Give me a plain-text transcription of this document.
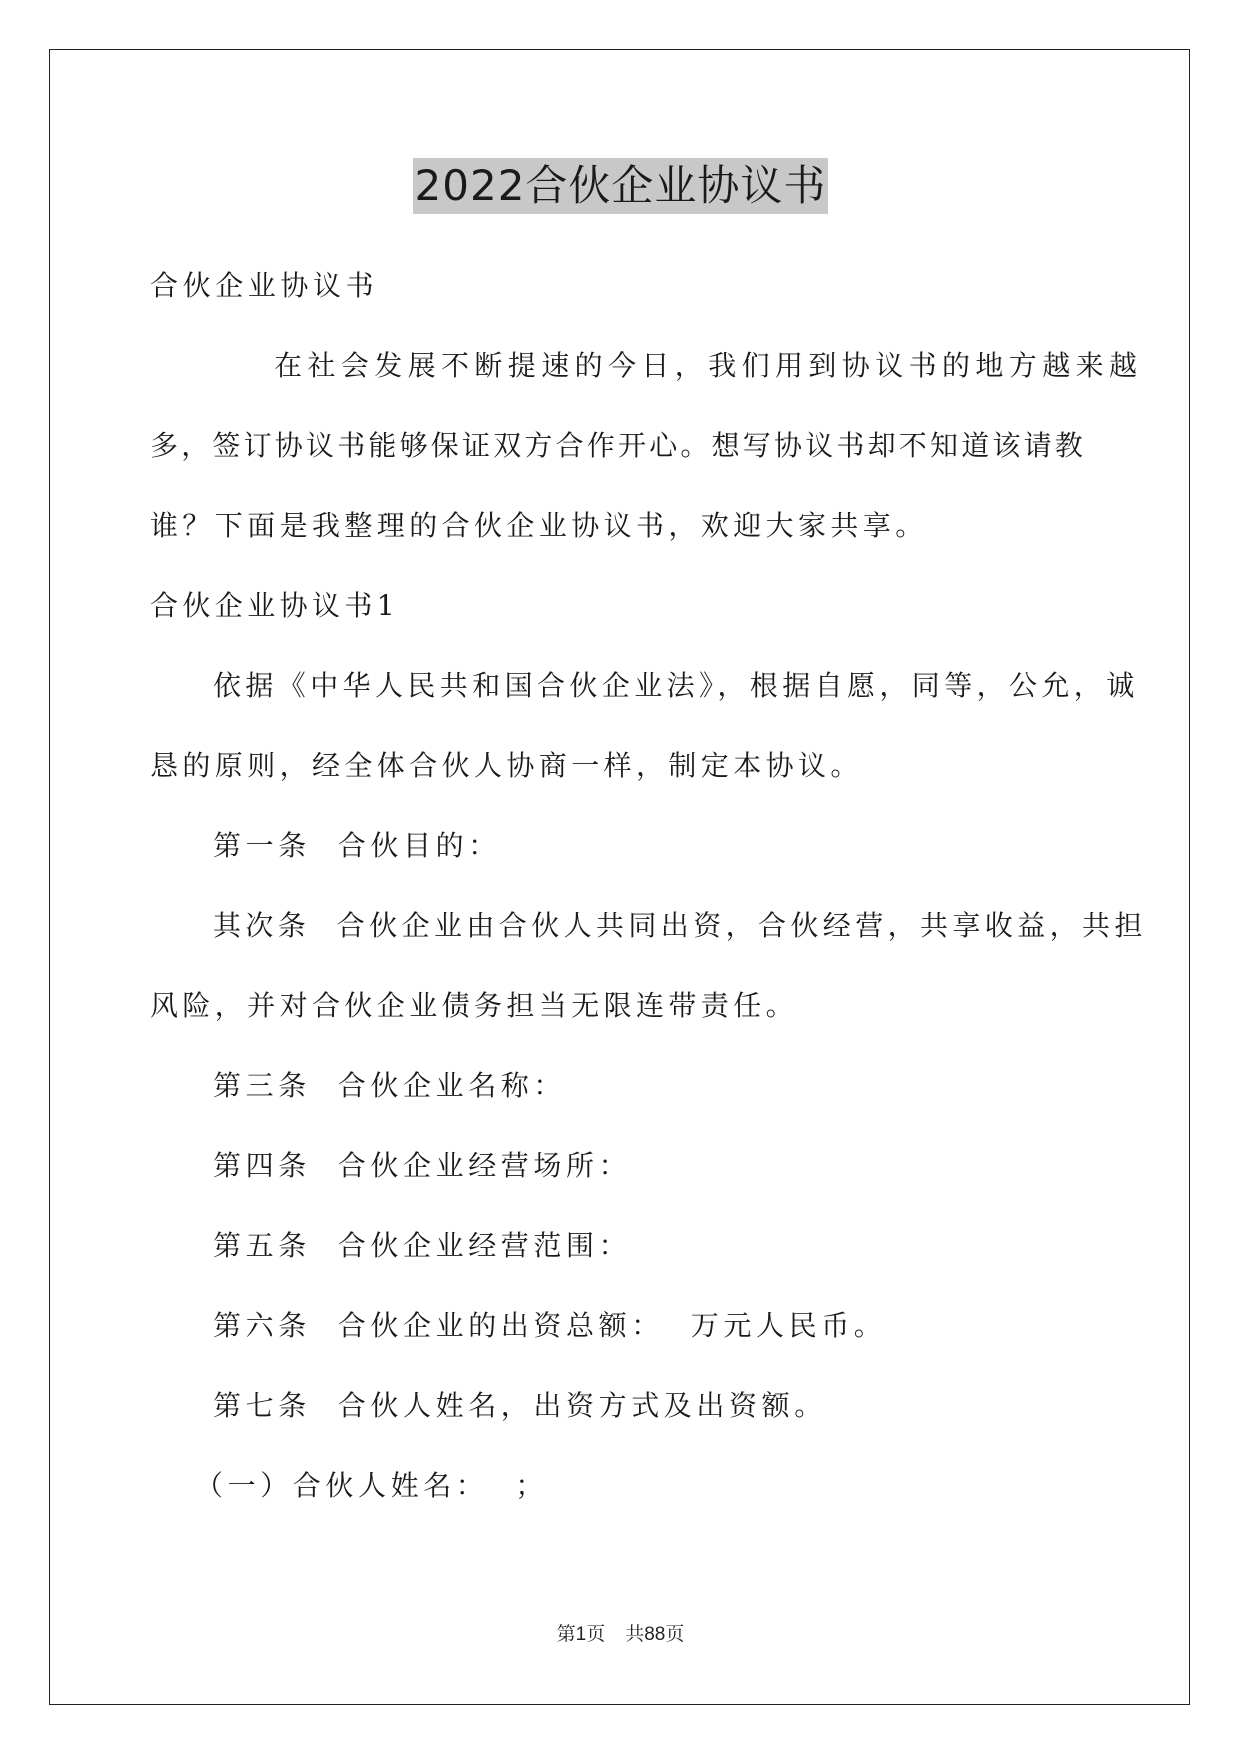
2022合伙企业协议书

合伙企业协议书

在社会发展不断提速的今日，我们用到协议书的地方越来越

多，签订协议书能够保证双方合作开心。想写协议书却不知道该请教

谁？下面是我整理的合伙企业协议书，欢迎大家共享。

合伙企业协议书1

依据《中华人民共和国合伙企业法》，根据自愿，同等，公允，诚

恳的原则，经全体合伙人协商一样，制定本协议。

第一条  合伙目的：

其次条  合伙企业由合伙人共同出资，合伙经营，共享收益，共担

风险，并对合伙企业债务担当无限连带责任。

第三条  合伙企业名称：

第四条  合伙企业经营场所：

第五条  合伙企业经营范围：

第六条  合伙企业的出资总额：  万元人民币。

第七条  合伙人姓名，出资方式及出资额。

（一）合伙人姓名：  ；

第1页 共88页
